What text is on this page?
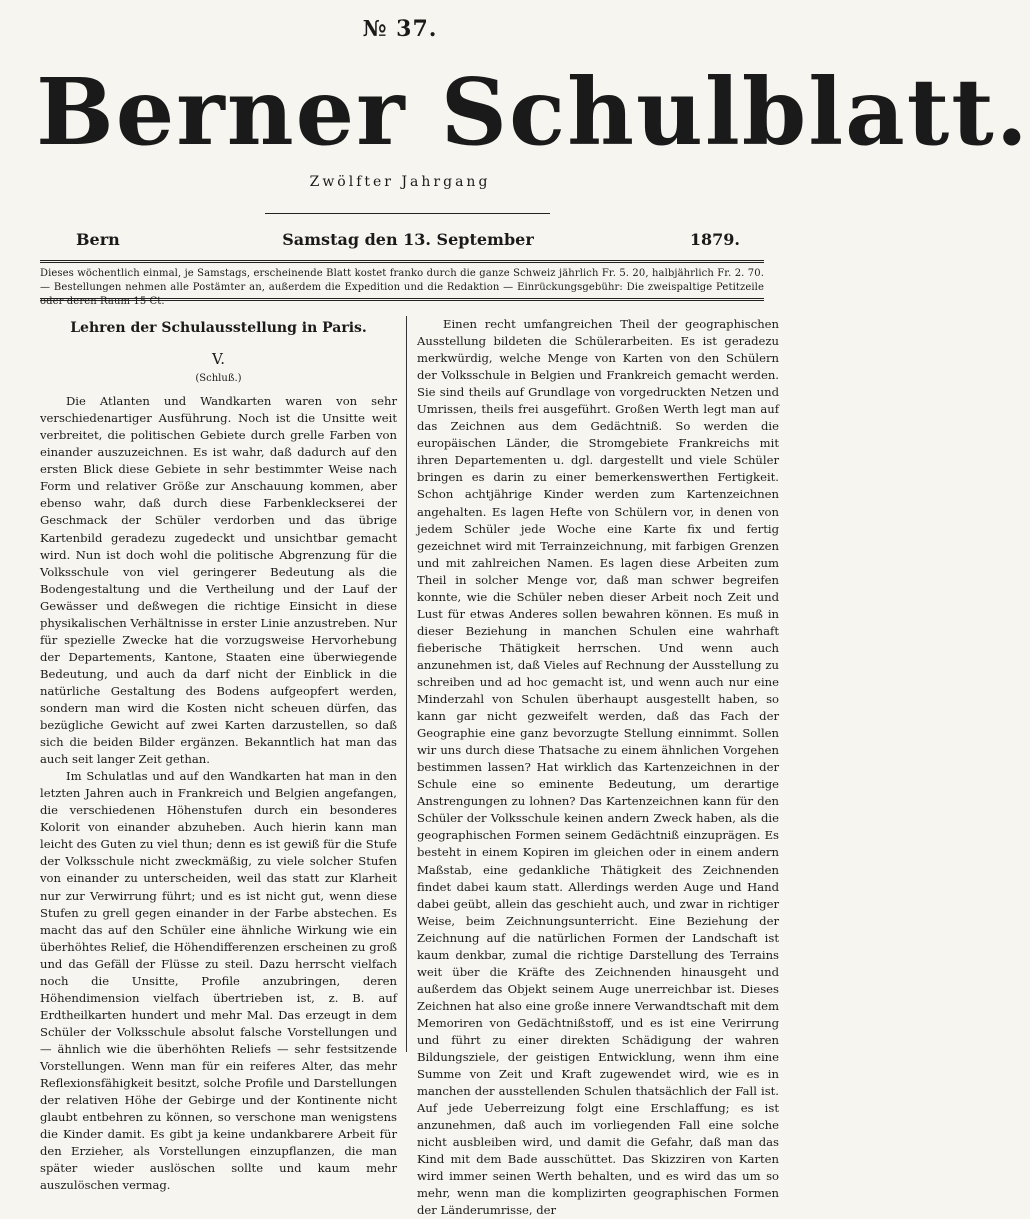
№ 37.
Berner Schulblatt.
Zwölfter Jahrgang
Samstag den 13. September
Bern	1879.
Dieses wöchentlich einmal, je Samstags, erscheinende Blatt kostet franko durch die ganze Schweiz jährlich Fr. 5. 20, halbjährlich Fr. 2. 70. — Bestellungen nehmen alle Postämter an, außerdem die Expedition und die Redaktion — Einrückungsgebühr: Die zweispaltige Petitzeile oder deren Raum 15 Ct.
Lehren der Schulausstellung in Paris.
V.
(Schluß.)

Die Atlanten und Wandkarten waren von sehr verschiedenartiger Ausführung. Noch ist die Unsitte weit verbreitet, die politischen Gebiete durch grelle Farben von einander auszuzeichnen. Es ist wahr, daß dadurch auf den ersten Blick diese Gebiete in sehr bestimmter Weise nach Form und relativer Größe zur Anschauung kommen, aber ebenso wahr, daß durch diese Farbenkleckserei der Geschmack der Schüler verdorben und das übrige Kartenbild geradezu zugedeckt und unsichtbar gemacht wird. Nun ist doch wohl die politische Abgrenzung für die Volksschule von viel geringerer Bedeutung als die Bodengestaltung und die Vertheilung und der Lauf der Gewässer und deßwegen die richtige Einsicht in diese physikalischen Verhältnisse in erster Linie anzustreben. Nur für spezielle Zwecke hat die vorzugsweise Hervorhebung der Departements, Kantone, Staaten eine überwiegende Bedeutung, und auch da darf nicht der Einblick in die natürliche Gestaltung des Bodens aufgeopfert werden, sondern man wird die Kosten nicht scheuen dürfen, das bezügliche Gewicht auf zwei Karten darzustellen, so daß sich die beiden Bilder ergänzen. Bekanntlich hat man das auch seit langer Zeit gethan.

Im Schulatlas und auf den Wandkarten hat man in den letzten Jahren auch in Frankreich und Belgien angefangen, die verschiedenen Höhenstufen durch ein besonderes Kolorit von einander abzuheben. Auch hierin kann man leicht des Guten zu viel thun; denn es ist gewiß für die Stufe der Volksschule nicht zweckmäßig, zu viele solcher Stufen von einander zu unterscheiden, weil das statt zur Klarheit nur zur Verwirrung führt; und es ist nicht gut, wenn diese Stufen zu grell gegen einander in der Farbe abstechen. Es macht das auf den Schüler eine ähnliche Wirkung wie ein überhöhtes Relief, die Höhendifferenzen erscheinen zu groß und das Gefäll der Flüsse zu steil. Dazu herrscht vielfach noch die Unsitte, Profile anzubringen, deren Höhendimension vielfach übertrieben ist, z. B. auf Erdtheilkarten hundert und mehr Mal. Das erzeugt in dem Schüler der Volksschule absolut falsche Vorstellungen und — ähnlich wie die überhöhten Reliefs — sehr festsitzende Vorstellungen. Wenn man für ein reiferes Alter, das mehr Reflexionsfähigkeit besitzt, solche Profile und Darstellungen der relativen Höhe der Gebirge und der Kontinente nicht glaubt entbehren zu können, so verschone man wenigstens die Kinder damit. Es gibt ja keine undankbarere Arbeit für den Erzieher, als Vorstellungen einzupflanzen, die man später wieder auslöschen sollte und kaum mehr auszulöschen vermag.

Einen recht umfangreichen Theil der geographischen Ausstellung bildeten die Schülerarbeiten. Es ist geradezu merkwürdig, welche Menge von Karten von den Schülern der Volksschule in Belgien und Frankreich gemacht werden. Sie sind theils auf Grundlage von vorgedruckten Netzen und Umrissen, theils frei ausgeführt. Großen Werth legt man auf das Zeichnen aus dem Gedächtniß. So werden die europäischen Länder, die Stromgebiete Frankreichs mit ihren Departementen u. dgl. dargestellt und viele Schüler bringen es darin zu einer bemerkenswerthen Fertigkeit. Schon achtjährige Kinder werden zum Kartenzeichnen angehalten. Es lagen Hefte von Schülern vor, in denen von jedem Schüler jede Woche eine Karte fix und fertig gezeichnet wird mit Terrainzeichnung, mit farbigen Grenzen und mit zahlreichen Namen. Es lagen diese Arbeiten zum Theil in solcher Menge vor, daß man schwer begreifen konnte, wie die Schüler neben dieser Arbeit noch Zeit und Lust für etwas Anderes sollen bewahren können. Es muß in dieser Beziehung in manchen Schulen eine wahrhaft fieberische Thätigkeit herrschen. Und wenn auch anzunehmen ist, daß Vieles auf Rechnung der Ausstellung zu schreiben und ad hoc gemacht ist, und wenn auch nur eine Minderzahl von Schulen überhaupt ausgestellt haben, so kann gar nicht gezweifelt werden, daß das Fach der Geographie eine ganz bevorzugte Stellung einnimmt. Sollen wir uns durch diese Thatsache zu einem ähnlichen Vorgehen bestimmen lassen? Hat wirklich das Kartenzeichnen in der Schule eine so eminente Bedeutung, um derartige Anstrengungen zu lohnen? Das Kartenzeichnen kann für den Schüler der Volksschule keinen andern Zweck haben, als die geographischen Formen seinem Gedächtniß einzuprägen. Es besteht in einem Kopiren im gleichen oder in einem andern Maßstab, eine gedankliche Thätigkeit des Zeichnenden findet dabei kaum statt. Allerdings werden Auge und Hand dabei geübt, allein das geschieht auch, und zwar in richtiger Weise, beim Zeichnungsunterricht. Eine Beziehung der Zeichnung auf die natürlichen Formen der Landschaft ist kaum denkbar, zumal die richtige Darstellung des Terrains weit über die Kräfte des Zeichnenden hinausgeht und außerdem das Objekt seinem Auge unerreichbar ist. Dieses Zeichnen hat also eine große innere Verwandtschaft mit dem Memoriren von Gedächtnißstoff, und es ist eine Verirrung und führt zu einer direkten Schädigung der wahren Bildungsziele, der geistigen Entwicklung, wenn ihm eine Summe von Zeit und Kraft zugewendet wird, wie es in manchen der ausstellenden Schulen thatsächlich der Fall ist. Auf jede Ueberreizung folgt eine Erschlaffung; es ist anzunehmen, daß auch im vorliegenden Fall eine solche nicht ausbleiben wird, und damit die Gefahr, daß man das Kind mit dem Bade ausschüttet. Das Skizziren von Karten wird immer seinen Werth behalten, und es wird das um so mehr, wenn man die komplizirten geographischen Formen der Länderumrisse, der
